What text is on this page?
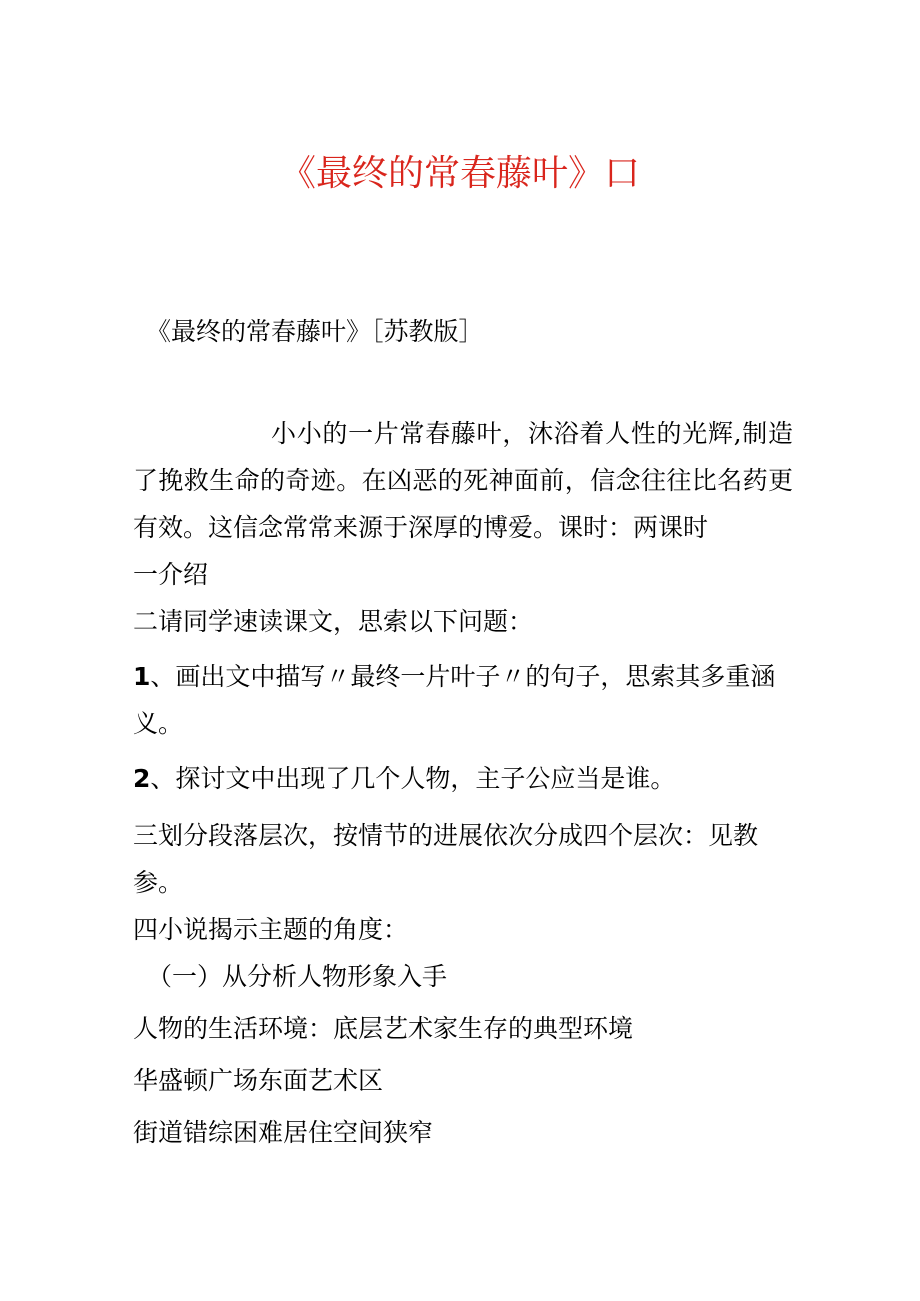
《最终的常春藤叶》口
《最终的常春藤叶》［苏教版］

小小的一片常春藤叶，沐浴着人性的光辉,制造了挽救生命的奇迹。在凶恶的死神面前，信念往往比名药更有效。这信念常常来源于深厚的博爱。课时：两课时

一介绍

二请同学速读课文，思索以下问题：

1、画出文中描写〃最终一片叶子〃的句子，思索其多重涵义。

2、探讨文中出现了几个人物，主子公应当是谁。

三划分段落层次，按情节的进展依次分成四个层次：见教参。

四小说揭示主题的角度：

（一）从分析人物形象入手

人物的生活环境：底层艺术家生存的典型环境

华盛顿广场东面艺术区

街道错综困难居住空间狭窄
